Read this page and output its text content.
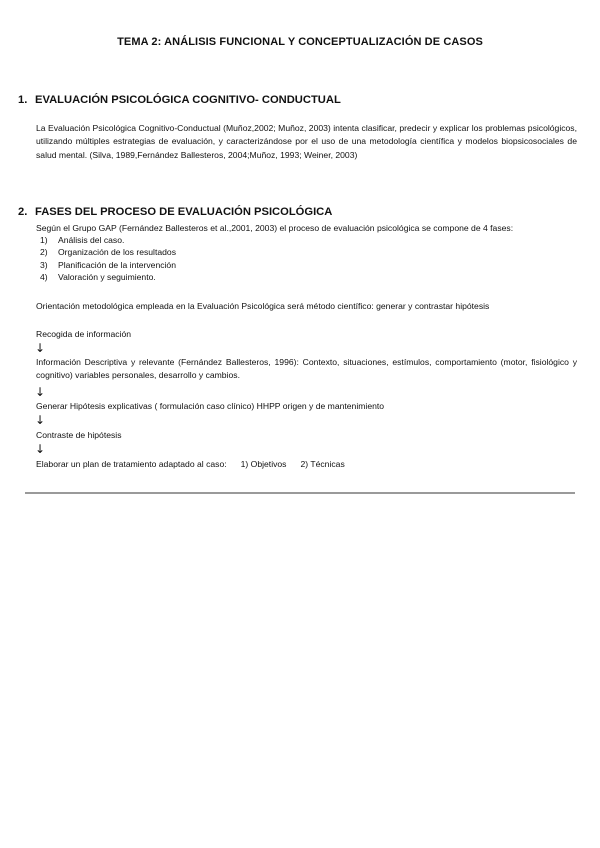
TEMA 2: ANÁLISIS FUNCIONAL Y CONCEPTUALIZACIÓN DE CASOS
1. EVALUACIÓN PSICOLÓGICA COGNITIVO- CONDUCTUAL
La Evaluación Psicológica Cognitivo-Conductual (Muñoz,2002; Muñoz, 2003) intenta clasificar, predecir y explicar los problemas psicológicos, utilizando múltiples estrategias de evaluación, y caracterizándose por el uso de una metodología científica y modelos biopsicosociales de salud mental. (Silva, 1989,Fernández Ballesteros, 2004;Muñoz, 1993; Weiner, 2003)
2. FASES DEL PROCESO DE EVALUACIÓN PSICOLÓGICA
Según el Grupo GAP (Fernández Ballesteros et al.,2001, 2003) el proceso de evaluación psicológica se compone de 4 fases:
1) Análisis del caso.
2) Organización de los resultados
3) Planificación de la intervención
4) Valoración y seguimiento.
Orientación metodológica empleada en la Evaluación Psicológica será método científico: generar y contrastar hipótesis
Recogida de información
↓
Información Descriptiva y relevante (Fernández Ballesteros, 1996): Contexto, situaciones, estímulos, comportamiento (motor, fisiológico y cognitivo) variables personales, desarrollo y cambios.
↓
Generar Hipótesis explicativas ( formulación caso clínico) HHPP origen y de mantenimiento
↓
Contraste de hipótesis
↓
Elaborar un plan de tratamiento adaptado al caso: 1) Objetivos 2) Técnicas
